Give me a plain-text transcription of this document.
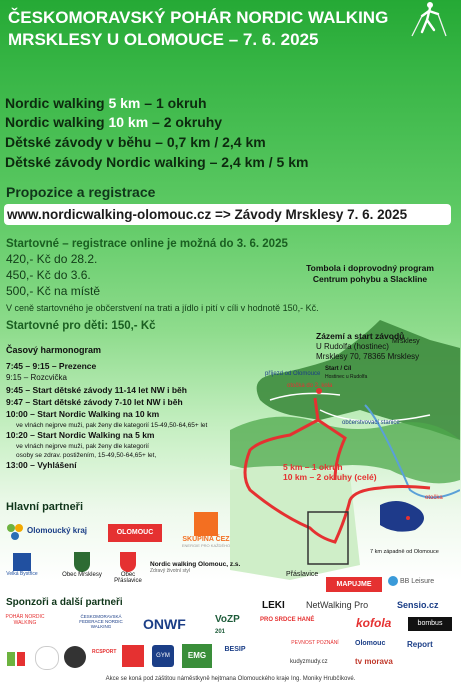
ČESKOMORAVSKÝ POHÁR NORDIC WALKING
MRSKLESY U OLOMOUCE – 7. 6. 2025
Nordic walking 5 km – 1 okruh
Nordic walking 10 km – 2 okruhy
Dětské závody v běhu – 0,7 km / 2,4 km
Dětské závody Nordic walking – 2,4 km / 5 km
Propozice a registrace
www.nordicwalking-olomouc.cz => Závody Mrsklesy 7. 6. 2025
Startovné – registrace online je možná do 3. 6. 2025
420,- Kč do 28.2.
450,- Kč do 3.6.
500,- Kč na místě
Tombola i doprovodný program
Centrum pohybu a Slackline
V ceně startovného je občerstvení na trati a jídlo i pití v cíli v hodnotě 150,- Kč.
Startovné pro děti: 150,- Kč
Časový harmonogram
7:45 – 9:15 – Prezence
9:15 – Rozcvička
9:45 – Start dětské závody 11-14 let NW i běh
9:47 – Start dětské závody 7-10 let NW i běh
10:00 – Start Nordic Walking na 10 km
ve vlnách nejprve muži, pak ženy dle kategorií 15-49,50-64,65+ let
10:20 – Start Nordic Walking na 5 km
ve vlnách nejprve muži, pak ženy dle kategorií
osoby se zdrav. postižením, 15-49,50-64,65+ let,
13:00 – Vyhlášení
Zázemí a start závodů
U Rudolfa (hostinec)
Mrsklesy 70, 78365 Mrsklesy
Mrsklesy
příjezd od Olomouce
Start / Cíl
Hostinec u Rudolfa
otočka do 2. kola
občerstvovací stanice
5 km – 1 okruh
10 km – 2 okruhy (celé)
otočka
7 km západně od Olomouce
Přáslavice
Hlavní partneři
Olomoucký kraj	OLOMOUC
SKUPINA ČEZ
ENERGIE PRO KAŽDÉHO
Velká Bystřice	Obec Mrsklesy	Obec Přáslavice
Nordic walking Olomouc, z.s.
Zdravý životní styl
MAPUJME	BB Leisure
Sponzoři a další partneři	LEKI NetWalking Pro	Sensio.cz
POHÁR NORDIC WALKING
ČESKOMORAVSKÁ FEDERACE NORDIC WALKING	ONWF	VoZP
201
PRO SRDCE HANÉ	kofola	bombus
RCSPORT
GYM	EMG
BESIP
PEVNOST POZNÁNÍ
kudyzmudy.cz
Olomouc
tv morava
Report
Akce se koná pod záštitou náměstkyně hejtmana Olomouckého kraje Ing. Moniky Hrubčíkové.
